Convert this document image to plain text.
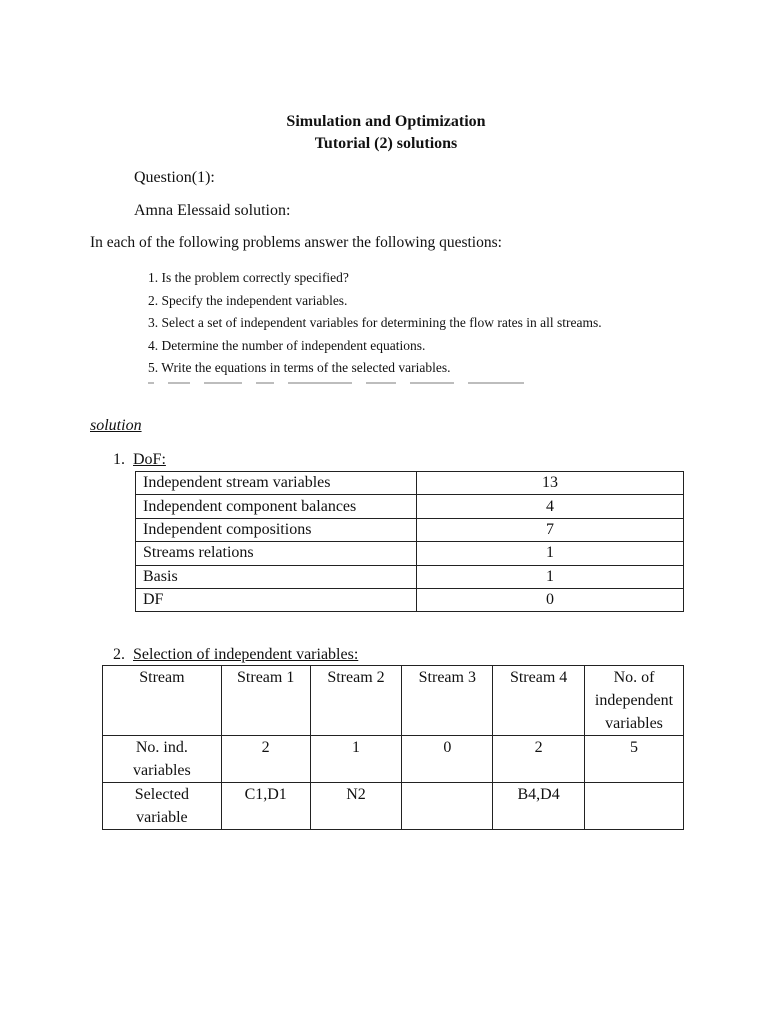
Simulation and Optimization
Tutorial (2) solutions
Question(1):
Amna Elessaid solution:
In each of the following problems answer the following questions:
1. Is the problem correctly specified?
2. Specify the independent variables.
3. Select a set of independent variables for determining the flow rates in all streams.
4. Determine the number of independent equations.
5. Write the equations in terms of the selected variables.
solution
1. DoF:
Independent stream variables	13
Independent component balances	4
Independent compositions	7
Streams relations	1
Basis	1
DF	0
2. Selection of independent variables:
Stream	Stream 1	Stream 2	Stream 3	Stream 4	No. of
independent
variables

No. ind.
variables	2	1	0	2	5

Selected
variable	C1,D1	N2		B4,D4	
